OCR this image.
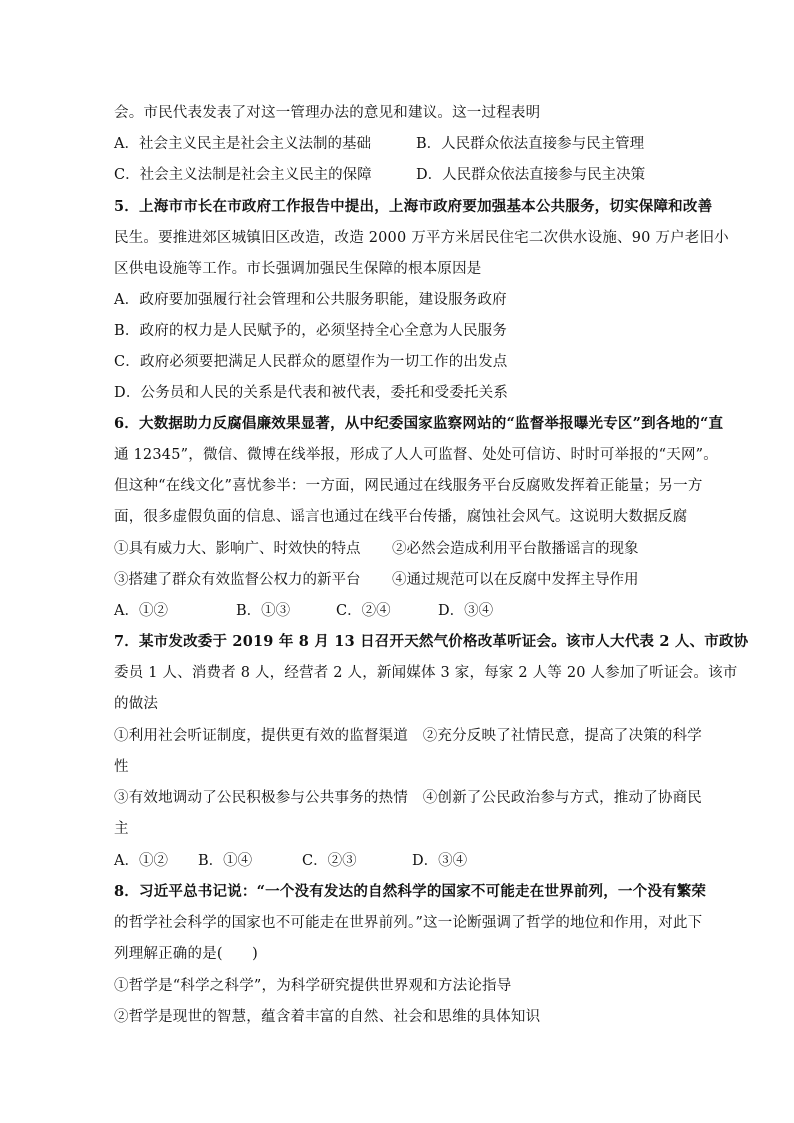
会。市民代表发表了对这一管理办法的意见和建议。这一过程表明
A．社会主义民主是社会主义法制的基础	B．人民群众依法直接参与民主管理
C．社会主义法制是社会主义民主的保障	D．人民群众依法直接参与民主决策
5．上海市市长在市政府工作报告中提出，上海市政府要加强基本公共服务，切实保障和改善
民生。要推进郊区城镇旧区改造，改造 2000 万平方米居民住宅二次供水设施、90 万户老旧小
区供电设施等工作。市长强调加强民生保障的根本原因是
A．政府要加强履行社会管理和公共服务职能，建设服务政府
B．政府的权力是人民赋予的，必须坚持全心全意为人民服务
C．政府必须要把满足人民群众的愿望作为一切工作的出发点
D．公务员和人民的关系是代表和被代表，委托和受委托关系
6．大数据助力反腐倡廉效果显著，从中纪委国家监察网站的“监督举报曝光专区”到各地的“直
通 12345”，微信、微博在线举报，形成了人人可监督、处处可信访、时时可举报的“天网”。
但这种“在线文化”喜忧参半：一方面，网民通过在线服务平台反腐败发挥着正能量；另一方
面，很多虚假负面的信息、谣言也通过在线平台传播，腐蚀社会风气。这说明大数据反腐
①具有威力大、影响广、时效快的特点 ②必然会造成利用平台散播谣言的现象
③搭建了群众有效监督公权力的新平台 ④通过规范可以在反腐中发挥主导作用
A．①②	B．①③	C．②④	D．③④
7．某市发改委于 2019 年 8 月 13 日召开天然气价格改革听证会。该市人大代表 2 人、市政协
委员 1 人、消费者 8 人，经营者 2 人，新闻媒体 3 家，每家 2 人等 20 人参加了听证会。该市
的做法
①利用社会听证制度，提供更有效的监督渠道　②充分反映了社情民意，提高了决策的科学
性
③有效地调动了公民积极参与公共事务的热情　④创新了公民政治参与方式，推动了协商民
主
A．①② B．①④	C．②③	D．③④
8．习近平总书记说：“一个没有发达的自然科学的国家不可能走在世界前列，一个没有繁荣
的哲学社会科学的国家也不可能走在世界前列。”这一论断强调了哲学的地位和作用，对此下
列理解正确的是(　　)
①哲学是“科学之科学”，为科学研究提供世界观和方法论指导
②哲学是现世的智慧，蕴含着丰富的自然、社会和思维的具体知识
